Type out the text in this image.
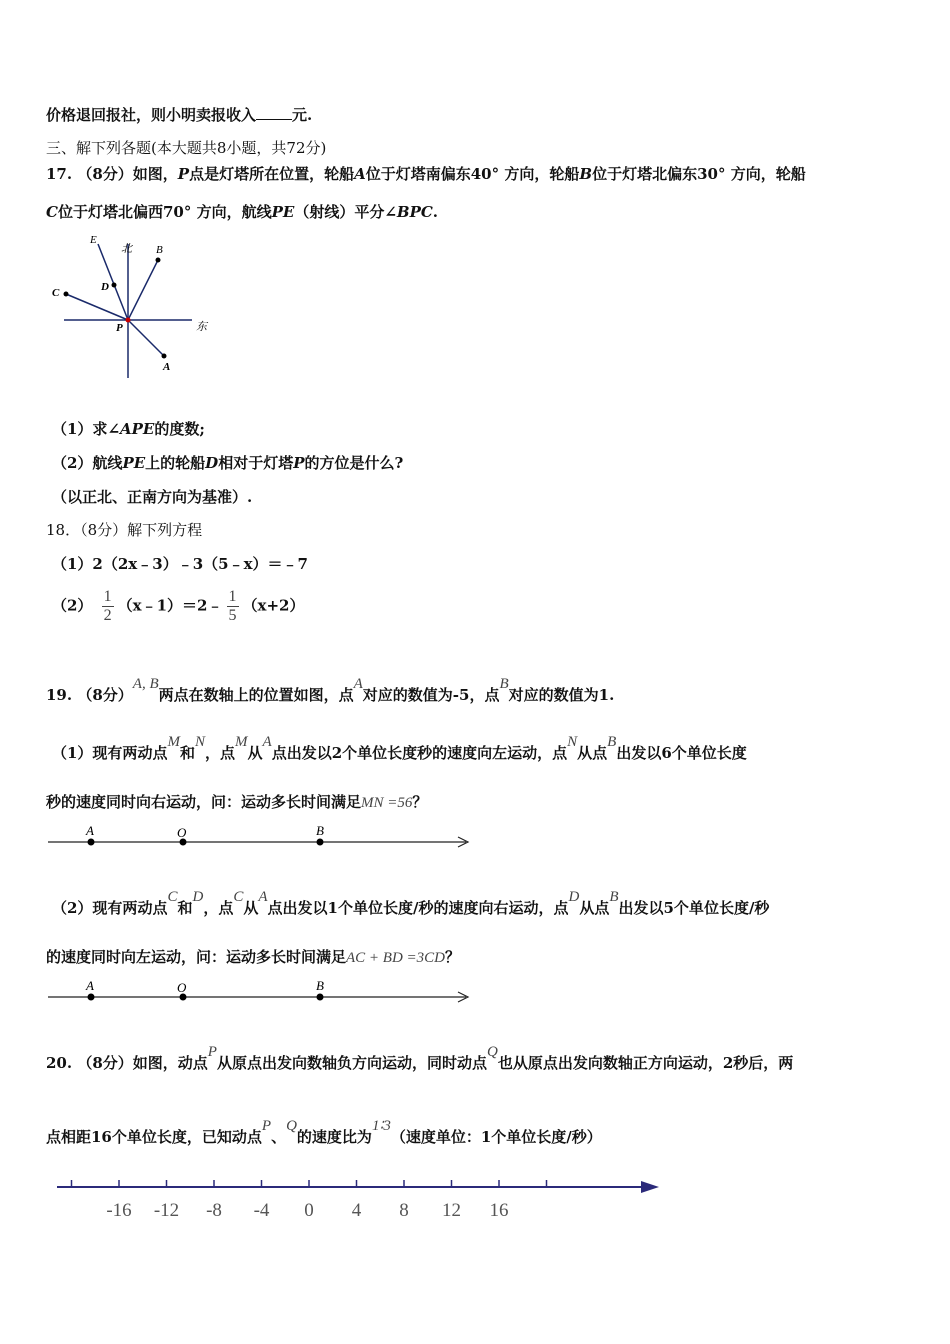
价格退回报社，则小明卖报收入 元.
三、解下列各题(本大题共8小题，共72分)
17. （8分）如图，P点是灯塔所在位置，轮船A位于灯塔南偏东40° 方向，轮船B位于灯塔北偏东30° 方向，轮船
C位于灯塔北偏西70° 方向，航线PE（射线）平分∠BPC.
E
北 B
D
C
P	东
A
（1）求∠APE的度数;
（2）航线PE上的轮船D相对于灯塔P的方位是什么?
（以正北、正南方向为基准）.
18．（8分）解下列方程
（1）2（2x﹣3）﹣3（5﹣x）＝﹣7
$(2) \frac{1}{2}$ （x﹣1）＝2﹣ $\frac{1}{5} (x+2)$
19. （8分）A, B两点在数轴上的位置如图，点A对应的数值为-5，点B对应的数值为1.
（1）现有两动点M和N，点M从A点出发以2个单位长度秒的速度向左运动，点N从点B出发以6个单位长度
秒的速度同时向右运动，问：运动多长时间满足MN =56？
A	O	B
（2）现有两动点C和D，点C从A点出发以1个单位长度/秒的速度向右运动，点D从点B出发以5个单位长度/秒
的速度同时向左运动，问：运动多长时间满足AC + BD =3CD？
A	O	B
20. （8分）如图，动点P从原点出发向数轴负方向运动，同时动点Q也从原点出发向数轴正方向运动，2秒后，两
点相距16个单位长度，已知动点P、Q的速度比为1∶3（速度单位：1个单位长度/秒）
-16 -12 -8 -4 0 4 8 12 16
